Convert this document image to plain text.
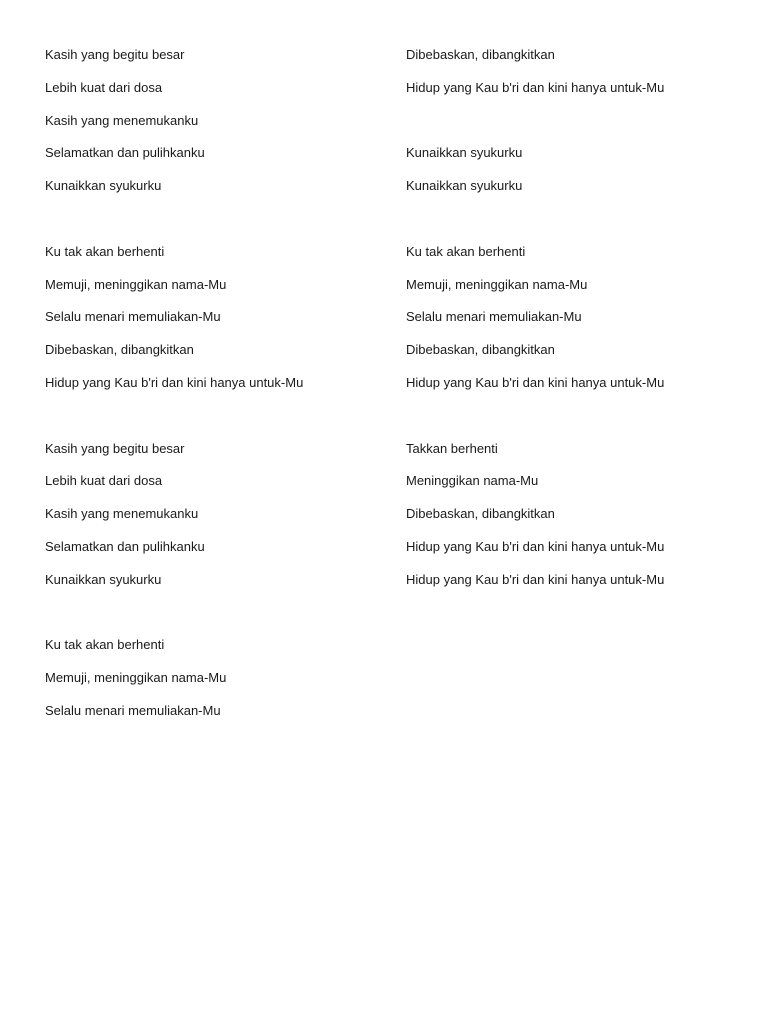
Kasih yang begitu besar
Lebih kuat dari dosa
Kasih yang menemukanku
Selamatkan dan pulihkanku
Kunaikkan syukurku
Ku tak akan berhenti
Memuji, meninggikan nama-Mu
Selalu menari memuliakan-Mu
Dibebaskan, dibangkitkan
Hidup yang Kau b'ri dan kini hanya untuk-Mu
Kasih yang begitu besar
Lebih kuat dari dosa
Kasih yang menemukanku
Selamatkan dan pulihkanku
Kunaikkan syukurku
Ku tak akan berhenti
Memuji, meninggikan nama-Mu
Selalu menari memuliakan-Mu
Dibebaskan, dibangkitkan
Hidup yang Kau b'ri dan kini hanya untuk-Mu
Kunaikkan syukurku
Kunaikkan syukurku
Ku tak akan berhenti
Memuji, meninggikan nama-Mu
Selalu menari memuliakan-Mu
Dibebaskan, dibangkitkan
Hidup yang Kau b'ri dan kini hanya untuk-Mu
Takkan berhenti
Meninggikan nama-Mu
Dibebaskan, dibangkitkan
Hidup yang Kau b'ri dan kini hanya untuk-Mu
Hidup yang Kau b'ri dan kini hanya untuk-Mu
